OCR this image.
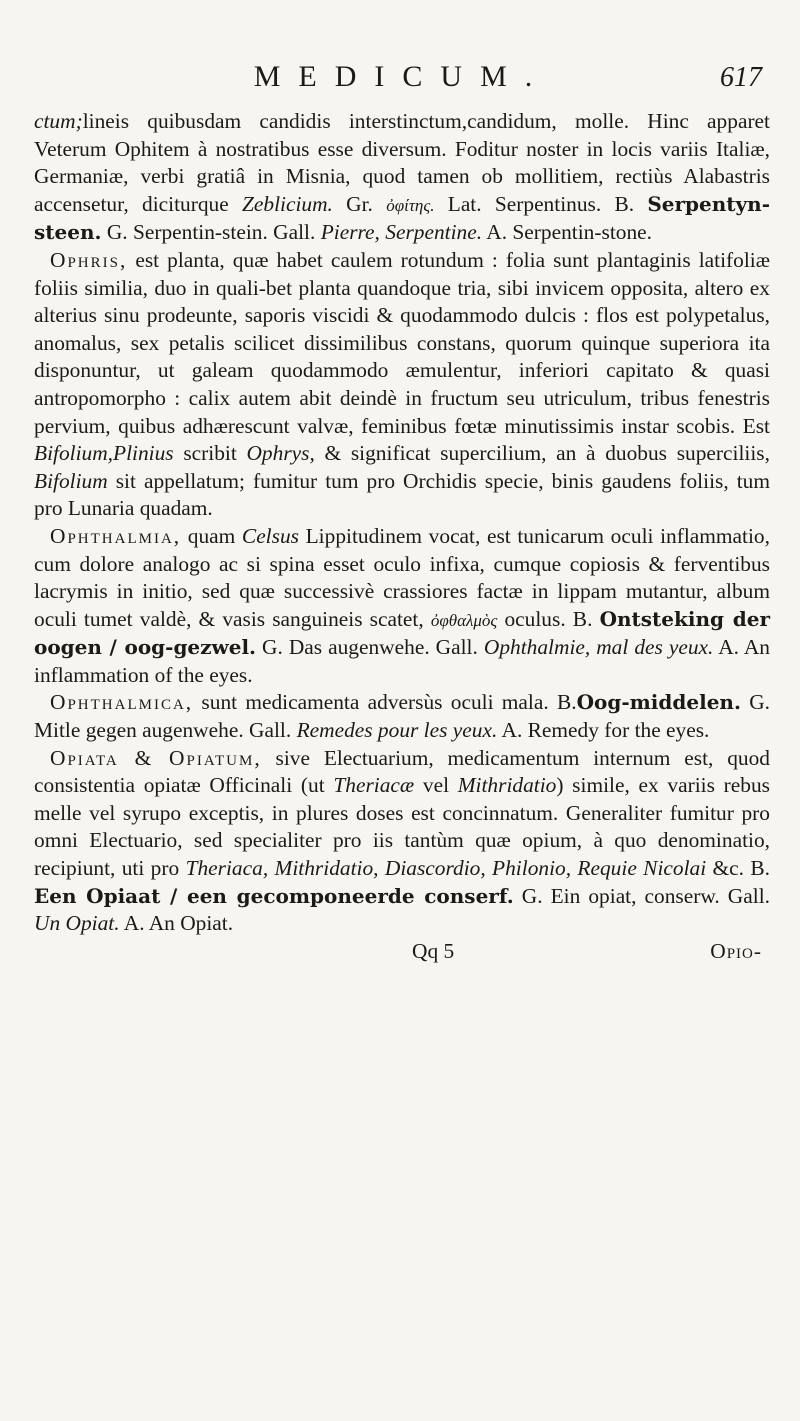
MEDICUM.	617

ctum;lineis quibusdam candidis interstinctum,candidum, molle. Hinc apparet Veterum Ophitem à nostratibus esse diversum. Foditur noster in locis variis Italiæ, Germaniæ, verbi gratiâ in Misnia, quod tamen ob mollitiem, rectiùs Alabastris accensetur, diciturque Zeblicium. Gr. ὀφίτης. Lat. Serpentinus. B. Serpentyn-steen. G. Serpentin-stein. Gall. Pierre, Serpentine. A. Serpentin-stone.

Ophris, est planta, quæ habet caulem rotundum : folia sunt plantaginis latifoliæ foliis similia, duo in quali-bet planta quandoque tria, sibi invicem opposita, altero ex alterius sinu prodeunte, saporis viscidi & quodammodo dulcis : flos est polypetalus, anomalus, sex petalis scilicet dissimilibus constans, quorum quinque superiora ita disponuntur, ut galeam quodammodo æmulentur, inferiori capitato & quasi antropomorpho : calix autem abit deindè in fructum seu utriculum, tribus fenestris pervium, quibus adhærescunt valvæ, feminibus fœtæ minutissimis instar scobis. Est Bifolium,Plinius scribit Ophrys, & significat supercilium, an à duobus superciliis, Bifolium sit appellatum; fumitur tum pro Orchidis specie, binis gaudens foliis, tum pro Lunaria quadam.

Ophthalmia, quam Celsus Lippitudinem vocat, est tunicarum oculi inflammatio, cum dolore analogo ac si spina esset oculo infixa, cumque copiosis & ferventibus lacrymis in initio, sed quæ successivè crassiores factæ in lippam mutantur, album oculi tumet valdè, & vasis sanguineis scatet, ὀφθαλμὸς oculus. B. Ontsteking der oogen / oog-gezwel. G. Das augenwehe. Gall. Ophthalmie, mal des yeux. A. An inflammation of the eyes.

Ophthalmica, sunt medicamenta adversùs oculi mala. B.Oog-middelen. G. Mitle gegen augenwehe. Gall. Remedes pour les yeux. A. Remedy for the eyes.

Opiata & Opiatum, sive Electuarium, medicamentum internum est, quod consistentia opiatæ Officinali (ut Theriacæ vel Mithridatio) simile, ex variis rebus melle vel syrupo exceptis, in plures doses est concinnatum. Generaliter fumitur pro omni Electuario, sed specialiter pro iis tantùm quæ opium, à quo denominatio, recipiunt, uti pro Theriaca, Mithridatio, Diascordio, Philonio, Requie Nicolai &c. B. Een Opiaat / een gecomponeerde conserf. G. Ein opiat, conserw. Gall. Un Opiat. A. An Opiat.

Qq 5	Opio-
